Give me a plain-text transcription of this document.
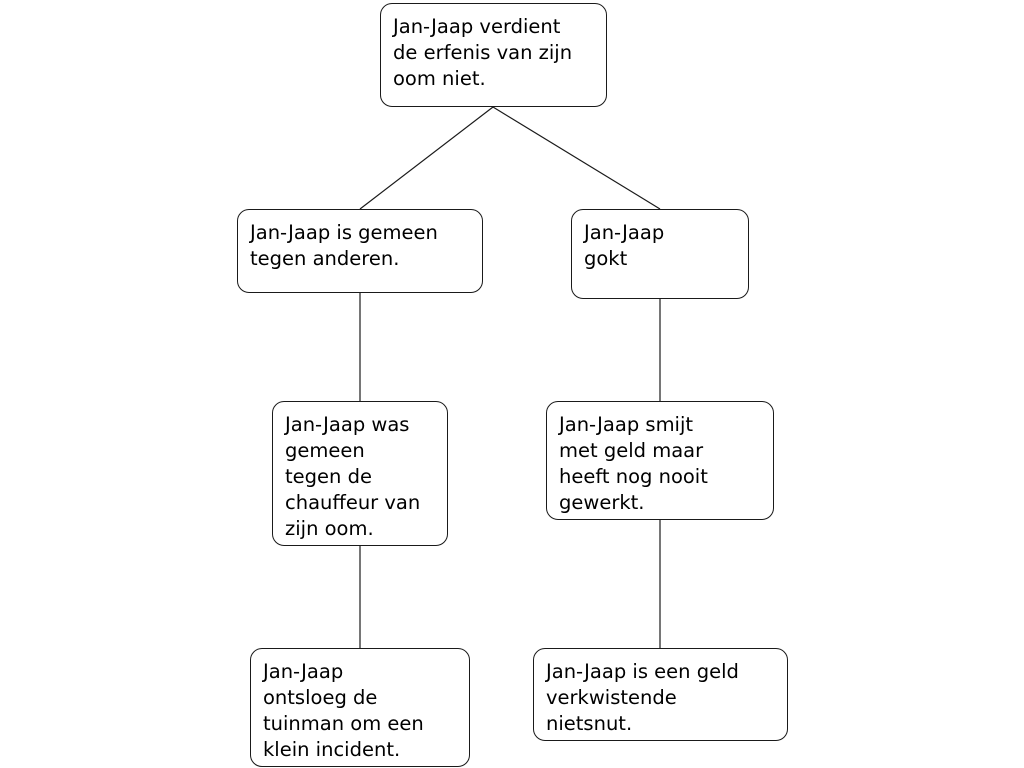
Jan-Jaap verdient
de erfenis van zijn
oom niet.
Jan-Jaap is gemeen
tegen anderen.
Jan-Jaap
gokt
Jan-Jaap was
gemeen
tegen de
chauffeur van
zijn oom.
Jan-Jaap smijt
met geld maar
heeft nog nooit
gewerkt.
Jan-Jaap
ontsloeg de
tuinman om een
klein incident.
Jan-Jaap is een geld
verkwistende
nietsnut.
